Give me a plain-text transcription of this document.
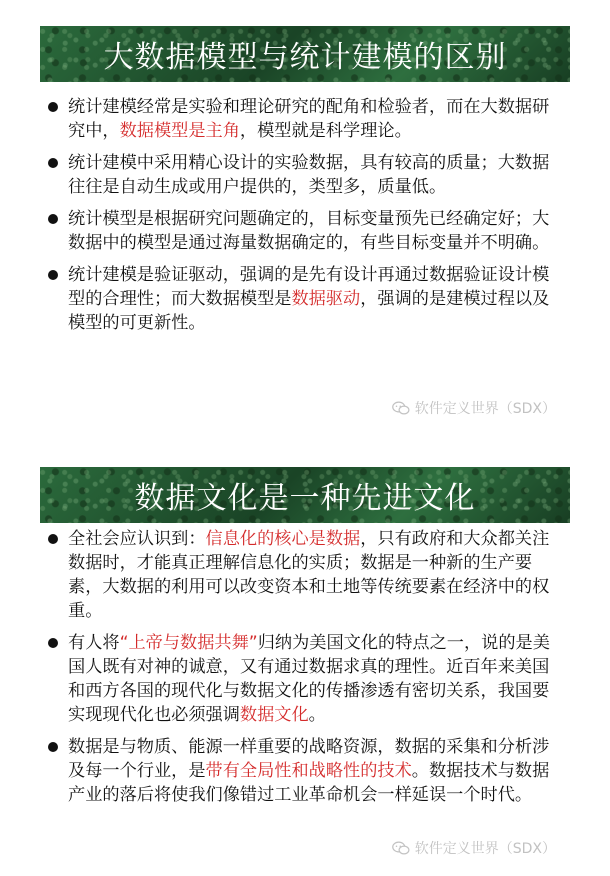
大数据模型与统计建模的区别
统计建模经常是实验和理论研究的配角和检验者，而在大数据研究中，数据模型是主角，模型就是科学理论。
统计建模中采用精心设计的实验数据，具有较高的质量；大数据往往是自动生成或用户提供的，类型多，质量低。
统计模型是根据研究问题确定的，目标变量预先已经确定好；大数据中的模型是通过海量数据确定的，有些目标变量并不明确。
统计建模是验证驱动，强调的是先有设计再通过数据验证设计模型的合理性；而大数据模型是数据驱动，强调的是建模过程以及模型的可更新性。
软件定义世界（SDX）
数据文化是一种先进文化
全社会应认识到：信息化的核心是数据，只有政府和大众都关注数据时，才能真正理解信息化的实质；数据是一种新的生产要素，大数据的利用可以改变资本和土地等传统要素在经济中的权重。
有人将“上帝与数据共舞”归纳为美国文化的特点之一，说的是美国人既有对神的诚意，又有通过数据求真的理性。近百年来美国和西方各国的现代化与数据文化的传播渗透有密切关系，我国要实现现代化也必须强调数据文化。
数据是与物质、能源一样重要的战略资源，数据的采集和分析涉及每一个行业，是带有全局性和战略性的技术。数据技术与数据产业的落后将使我们像错过工业革命机会一样延误一个时代。
软件定义世界（SDX）
